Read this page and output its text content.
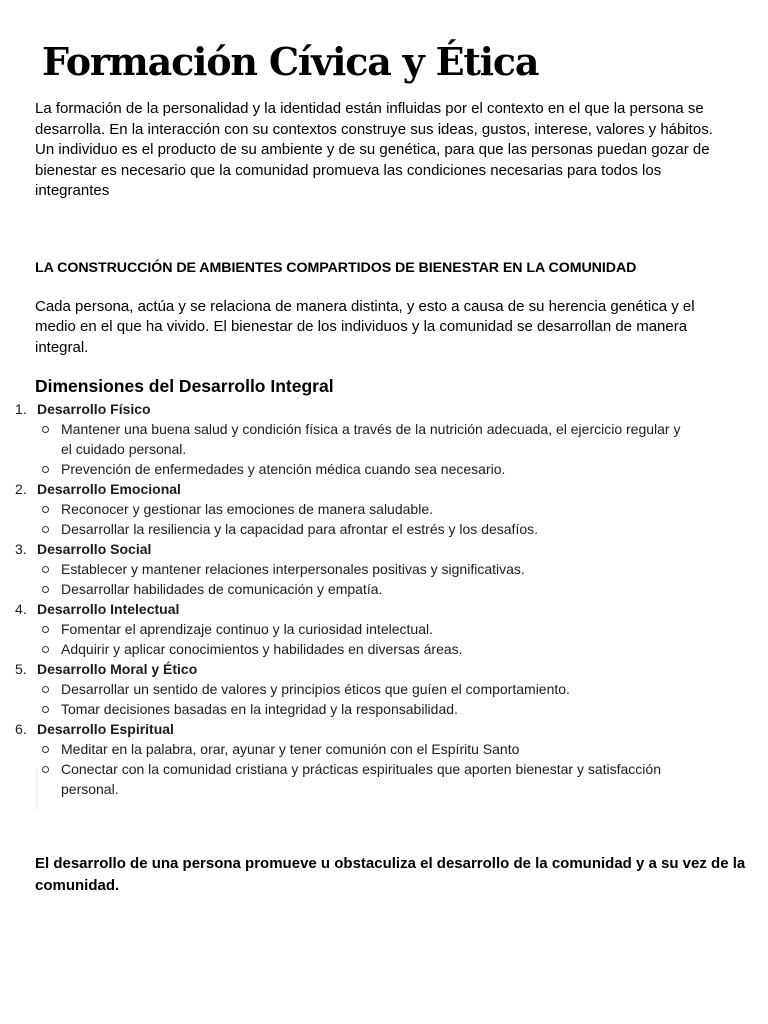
Formación Cívica y Ética

La formación de la personalidad y la identidad están influidas por el contexto en el que la persona se desarrolla. En la interacción con su contextos construye sus ideas, gustos, interese, valores y hábitos. Un individuo es el producto de su ambiente y de su genética, para que las personas puedan gozar de bienestar es necesario que la comunidad promueva las condiciones necesarias para todos los integrantes

LA CONSTRUCCIÓN DE AMBIENTES COMPARTIDOS DE BIENESTAR EN LA COMUNIDAD

Cada persona, actúa y se relaciona de manera distinta, y esto a causa de su herencia genética y el medio en el que ha vivido. El bienestar de los individuos y la comunidad se desarrollan de manera integral.

Dimensiones del Desarrollo Integral
1. Desarrollo Físico
Mantener una buena salud y condición física a través de la nutrición adecuada, el ejercicio regular y el cuidado personal.
Prevención de enfermedades y atención médica cuando sea necesario.
2. Desarrollo Emocional
Reconocer y gestionar las emociones de manera saludable.
Desarrollar la resiliencia y la capacidad para afrontar el estrés y los desafíos.
3. Desarrollo Social
Establecer y mantener relaciones interpersonales positivas y significativas.
Desarrollar habilidades de comunicación y empatía.
4. Desarrollo Intelectual
Fomentar el aprendizaje continuo y la curiosidad intelectual.
Adquirir y aplicar conocimientos y habilidades en diversas áreas.
5. Desarrollo Moral y Ético
Desarrollar un sentido de valores y principios éticos que guíen el comportamiento.
Tomar decisiones basadas en la integridad y la responsabilidad.
6. Desarrollo Espiritual
Meditar en la palabra, orar, ayunar y tener comunión con el Espíritu Santo
Conectar con la comunidad cristiana y prácticas espirituales que aporten bienestar y satisfacción personal.

El desarrollo de una persona promueve u obstaculiza el desarrollo de la comunidad y a su vez de la comunidad.
